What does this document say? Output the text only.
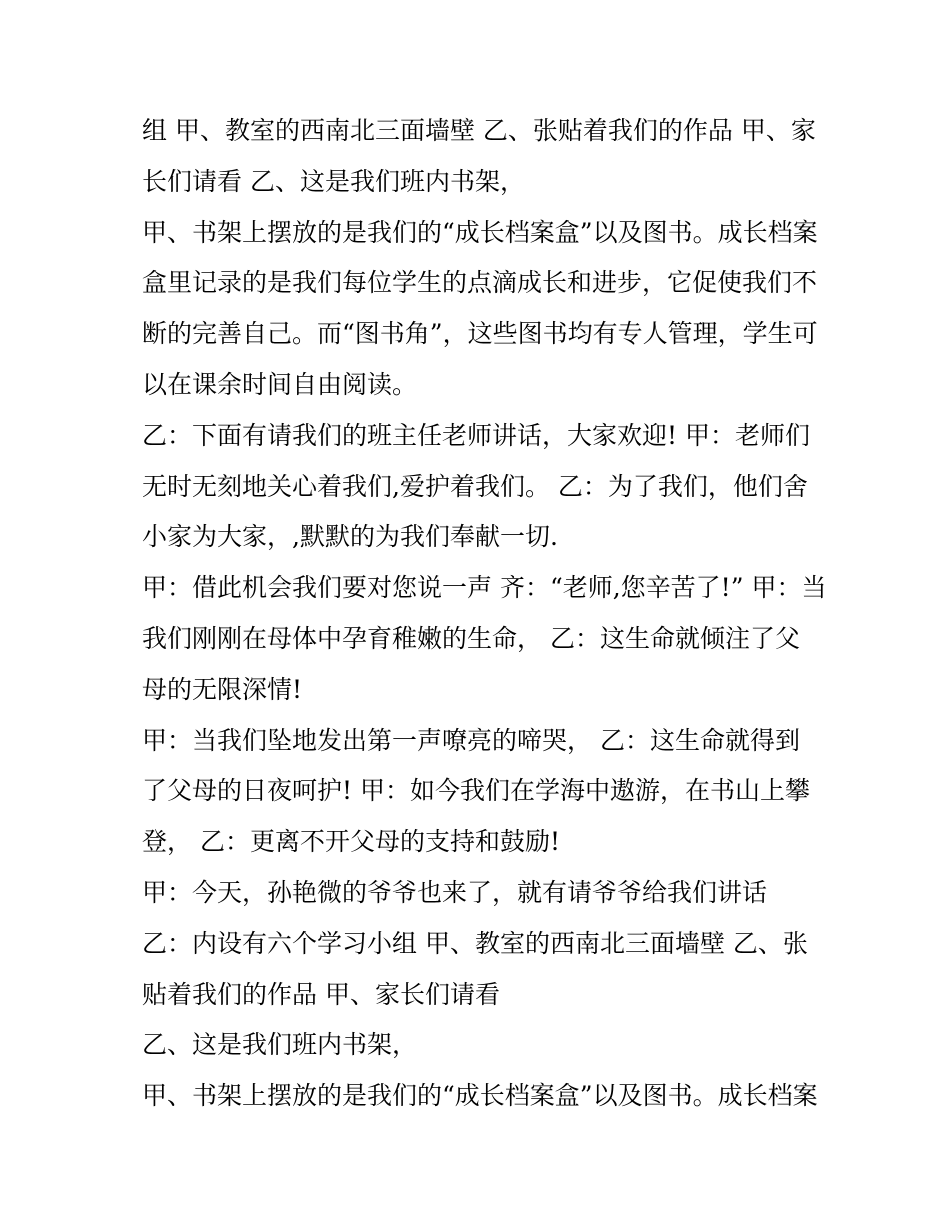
组 甲、教室的西南北三面墙壁 乙、张贴着我们的作品 甲、家
长们请看 乙、这是我们班内书架，

甲、书架上摆放的是我们的“成长档案盒”以及图书。成长档案
盒里记录的是我们每位学生的点滴成长和进步，它促使我们不
断的完善自己。而“图书角”，这些图书均有专人管理，学生可
以在课余时间自由阅读。

乙：下面有请我们的班主任老师讲话，大家欢迎! 甲：老师们
无时无刻地关心着我们,爱护着我们。 乙：为了我们，他们舍
小家为大家，,默默的为我们奉献一切.

甲：借此机会我们要对您说一声 齐：“老师,您辛苦了!” 甲：当
我们刚刚在母体中孕育稚嫩的生命， 乙：这生命就倾注了父
母的无限深情!

甲：当我们坠地发出第一声嘹亮的啼哭， 乙：这生命就得到
了父母的日夜呵护! 甲：如今我们在学海中遨游，在书山上攀
登， 乙：更离不开父母的支持和鼓励!

甲：今天，孙艳微的爷爷也来了，就有请爷爷给我们讲话

乙：内设有六个学习小组 甲、教室的西南北三面墙壁 乙、张
贴着我们的作品 甲、家长们请看

乙、这是我们班内书架，

甲、书架上摆放的是我们的“成长档案盒”以及图书。成长档案
